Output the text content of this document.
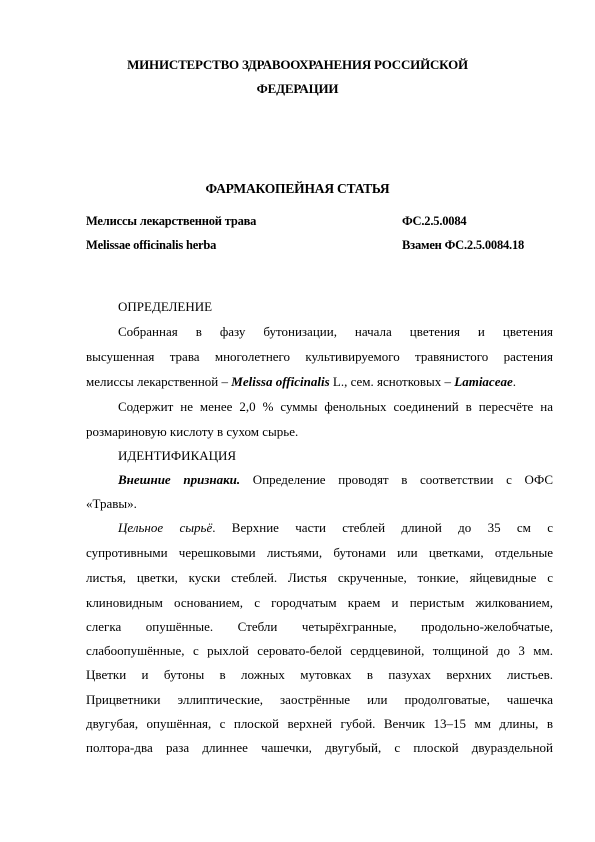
МИНИСТЕРСТВО ЗДРАВООХРАНЕНИЯ РОССИЙСКОЙ
ФЕДЕРАЦИИ
ФАРМАКОПЕЙНАЯ СТАТЬЯ
Мелиссы лекарственной трава	ФС.2.5.0084
Melissae officinalis herba	Взамен ФС.2.5.0084.18
ОПРЕДЕЛЕНИЕ
Собранная в фазу бутонизации, начала цветения и цветения
высушенная трава многолетнего культивируемого травянистого растения
мелиссы лекарственной – Melissa officinalis L., сем. яснотковых – Lamiaceae.
Содержит не менее 2,0 % суммы фенольных соединений в пересчёте на
розмариновую кислоту в сухом сырье.
ИДЕНТИФИКАЦИЯ
Внешние признаки. Определение проводят в соответствии с ОФС
«Травы».
Цельное сырьё. Верхние части стеблей длиной до 35 см с
супротивными черешковыми листьями, бутонами или цветками, отдельные
листья, цветки, куски стеблей. Листья скрученные, тонкие, яйцевидные с
клиновидным основанием, с городчатым краем и перистым жилкованием,
слегка опушённые. Стебли четырёхгранные, продольно-желобчатые,
слабоопушённые, с рыхлой серовато-белой сердцевиной, толщиной до 3 мм.
Цветки и бутоны в ложных мутовках в пазухах верхних листьев.
Прицветники эллиптические, заострённые или продолговатые, чашечка
двугубая, опушённая, с плоской верхней губой. Венчик 13–15 мм длины, в
полтора-два раза длиннее чашечки, двугубый, с плоской двураздельной
